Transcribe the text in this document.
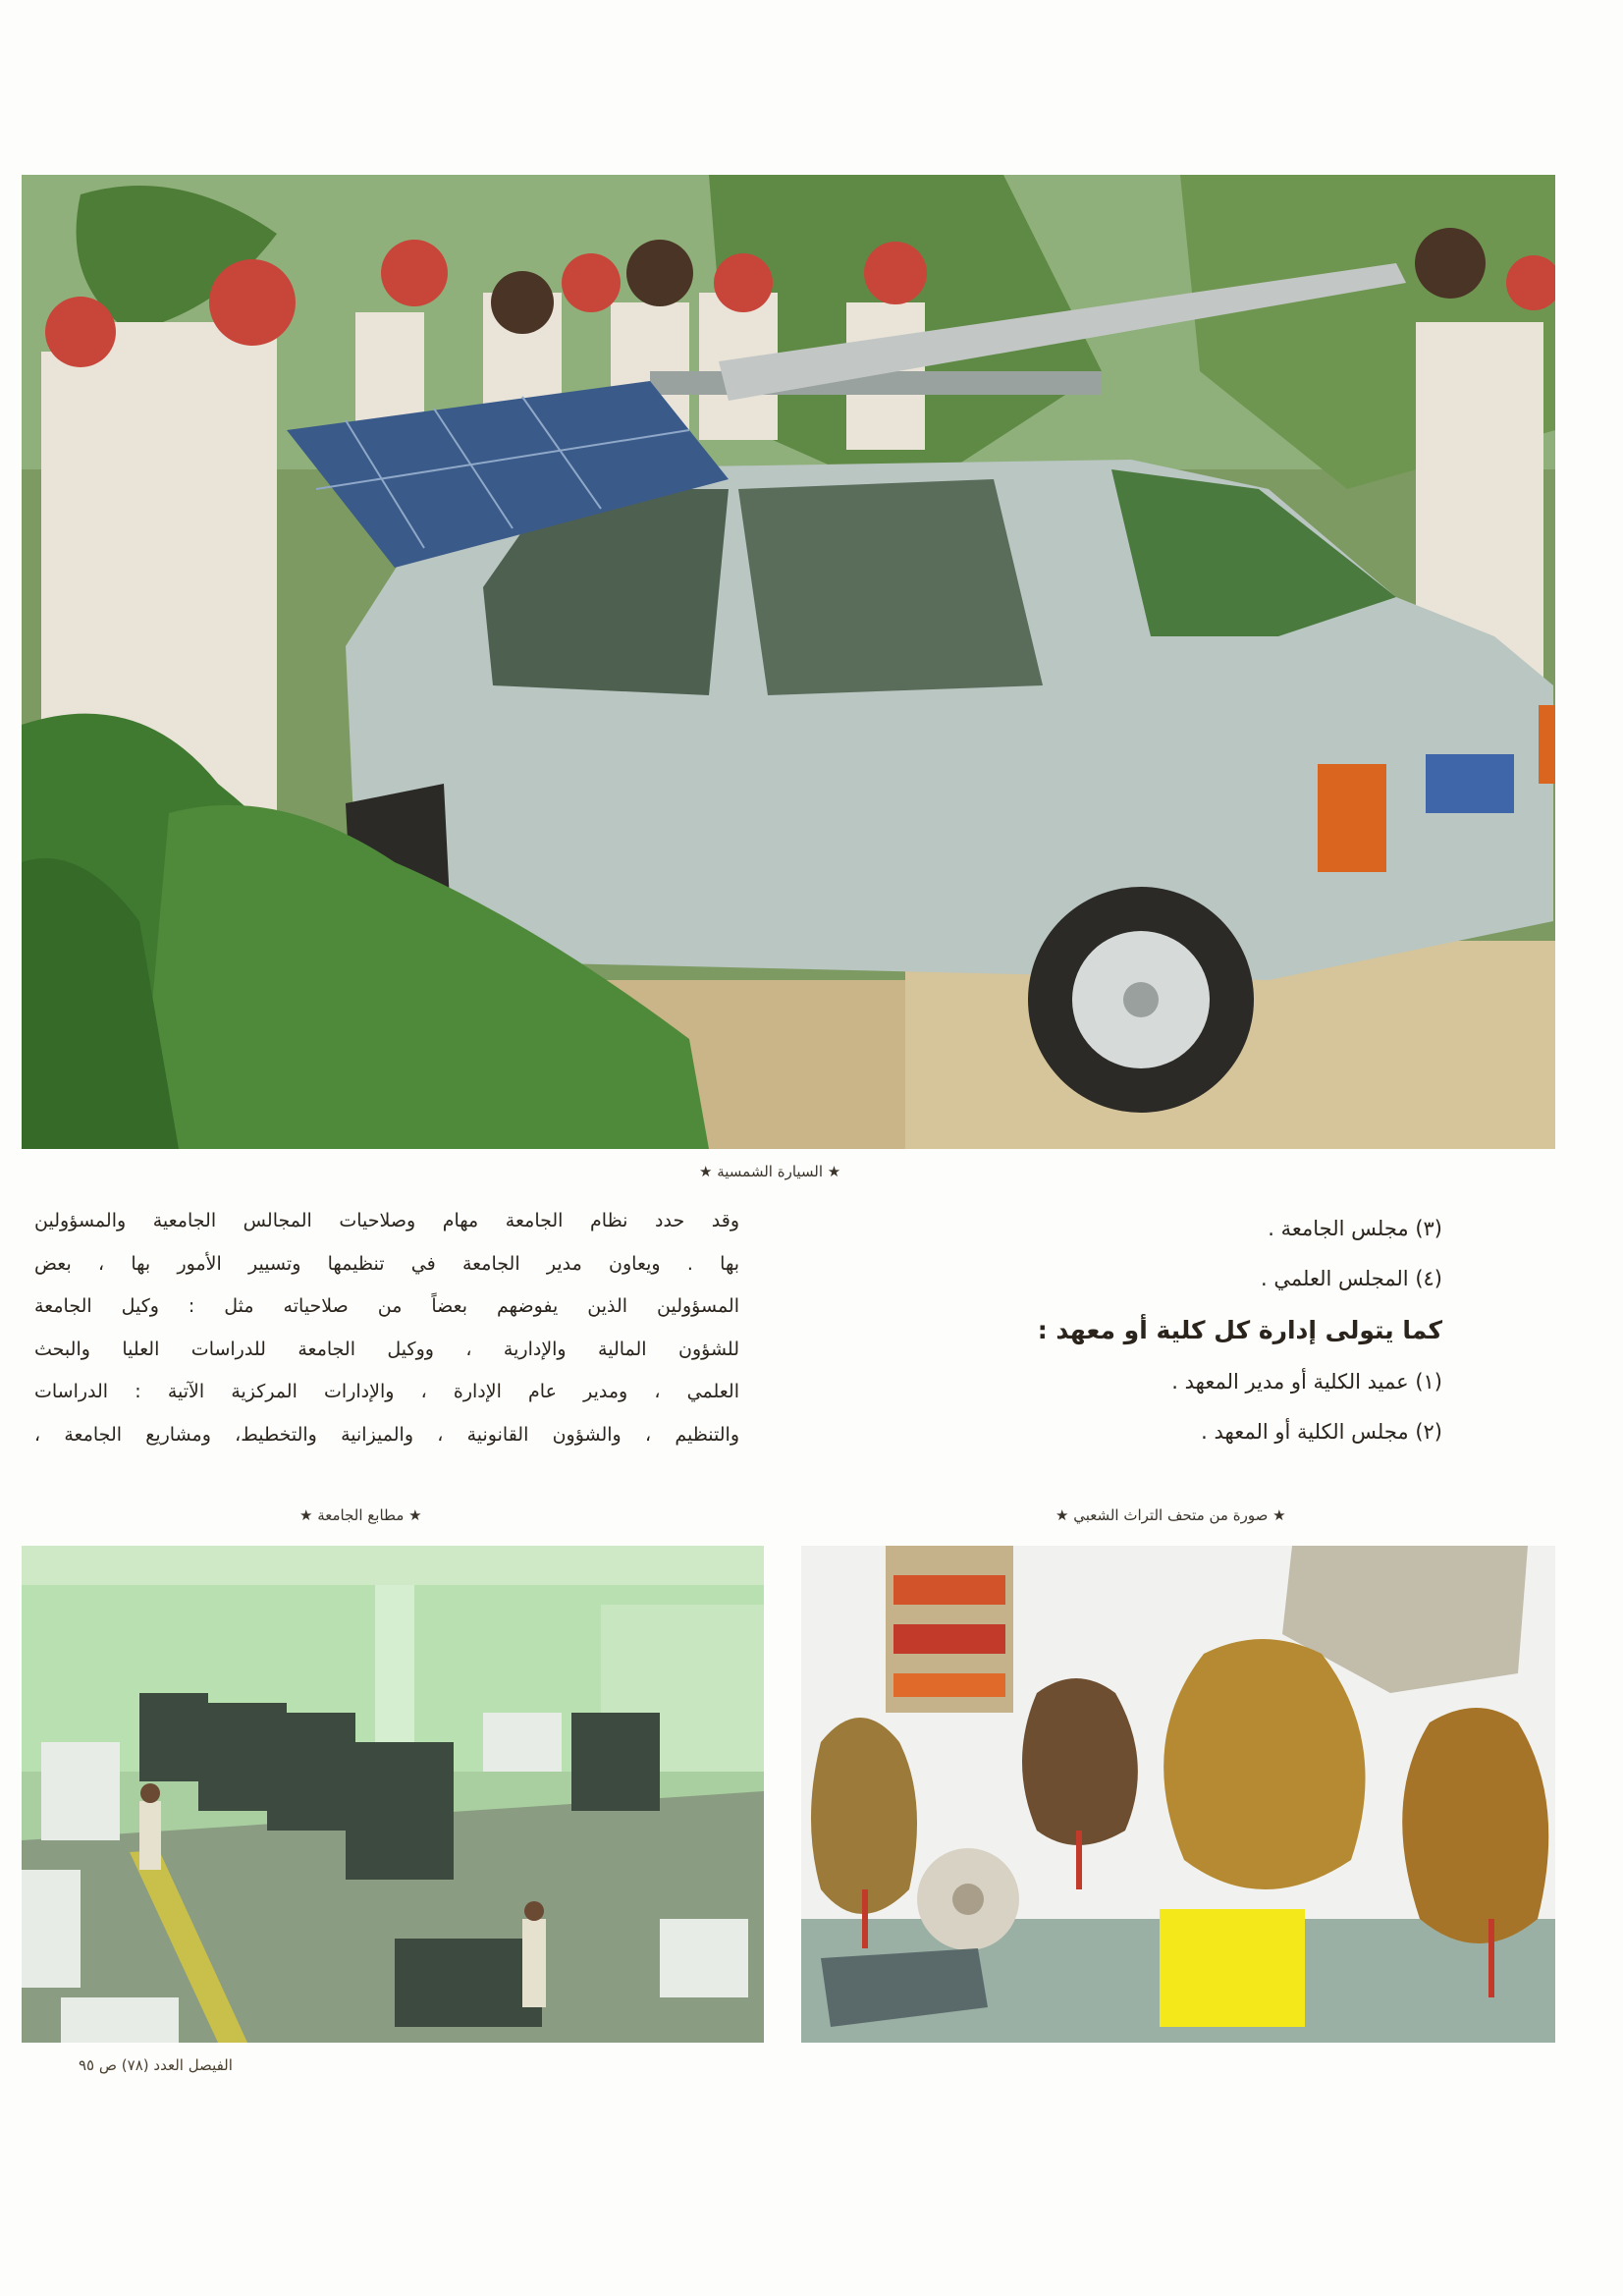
★ السيارة الشمسية ★

وقد حدد نظام الجامعة مهام وصلاحيات المجالس الجامعية والمسؤولين

بها . ويعاون مدير الجامعة في تنظيمها وتسيير الأمور بها ، بعض

المسؤولين الذين يفوضهم بعضاً من صلاحياته مثل : وكيل الجامعة

للشؤون المالية والإدارية ، ووكيل الجامعة للدراسات العليا والبحث

العلمي ، ومدير عام الإدارة ، والإدارات المركزية الآتية : الدراسات

والتنظيم ، والشؤون القانونية ، والميزانية والتخطيط، ومشاريع الجامعة ،

(٣) مجلس الجامعة .
(٤) المجلس العلمي .
كما يتولى إدارة كل كلية أو معهد :
(١) عميد الكلية أو مدير المعهد .
(٢) مجلس الكلية أو المعهد .
★ مطابع الجامعة ★	★ صورة من متحف التراث الشعبي ★
الفيصل العدد (٧٨) ص ٩٥
